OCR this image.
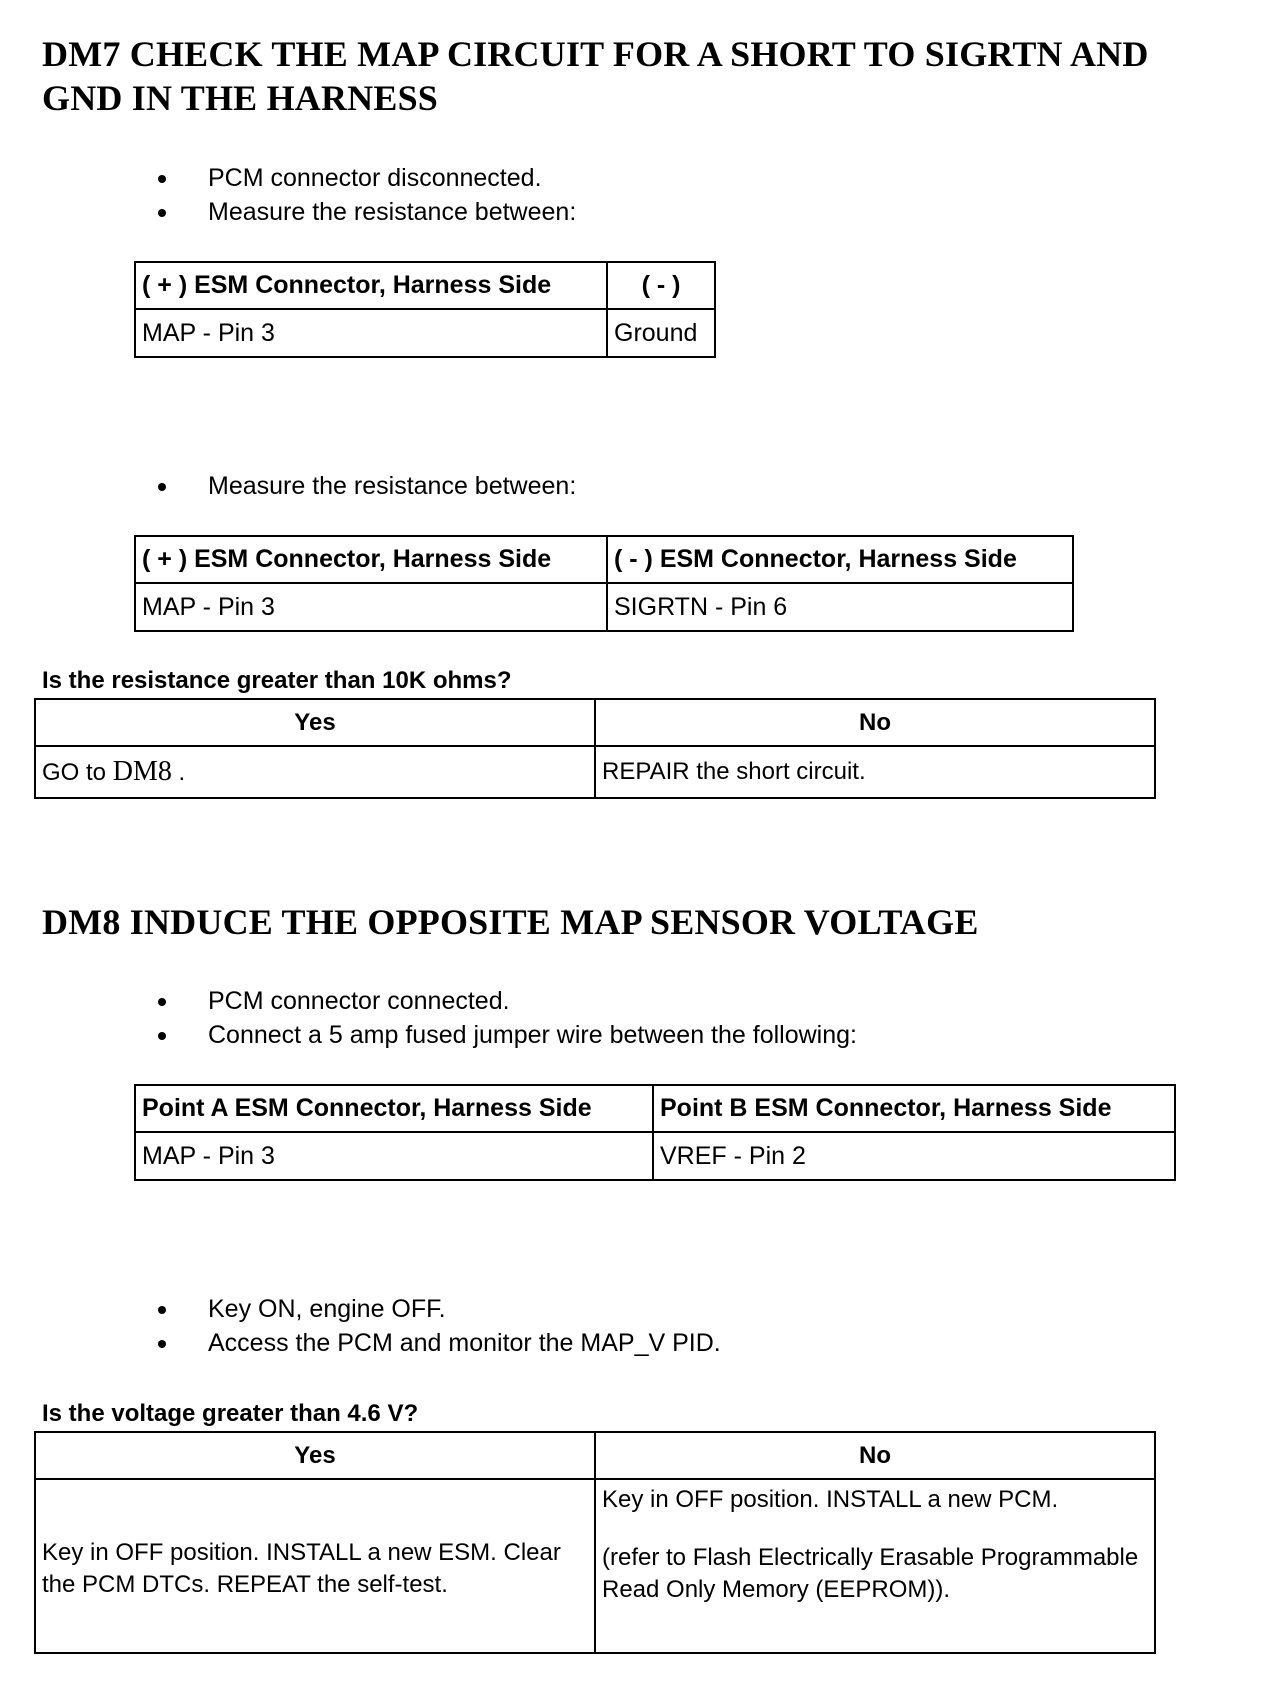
DM7 CHECK THE MAP CIRCUIT FOR A SHORT TO SIGRTN AND
GND IN THE HARNESS
PCM connector disconnected.
Measure the resistance between:
( + ) ESM Connector, Harness Side	( - )
MAP - Pin 3	Ground
Measure the resistance between:
( + ) ESM Connector, Harness Side	( - ) ESM Connector, Harness Side
MAP - Pin 3	SIGRTN - Pin 6

Is the resistance greater than 10K ohms?

Yes	No
GO to DM8 .	REPAIR the short circuit.
DM8 INDUCE THE OPPOSITE MAP SENSOR VOLTAGE
PCM connector connected.
Connect a 5 amp fused jumper wire between the following:
Point A ESM Connector, Harness Side	Point B ESM Connector, Harness Side
MAP - Pin 3	VREF - Pin 2
Key ON, engine OFF.
Access the PCM and monitor the MAP_V PID.

Is the voltage greater than 4.6 V?

Yes	No
Key in OFF position. INSTALL a new ESM. Clear the PCM DTCs. REPEAT the self-test.	Key in OFF position. INSTALL a new PCM.
(refer to Flash Electrically Erasable Programmable Read Only Memory (EEPROM)).
